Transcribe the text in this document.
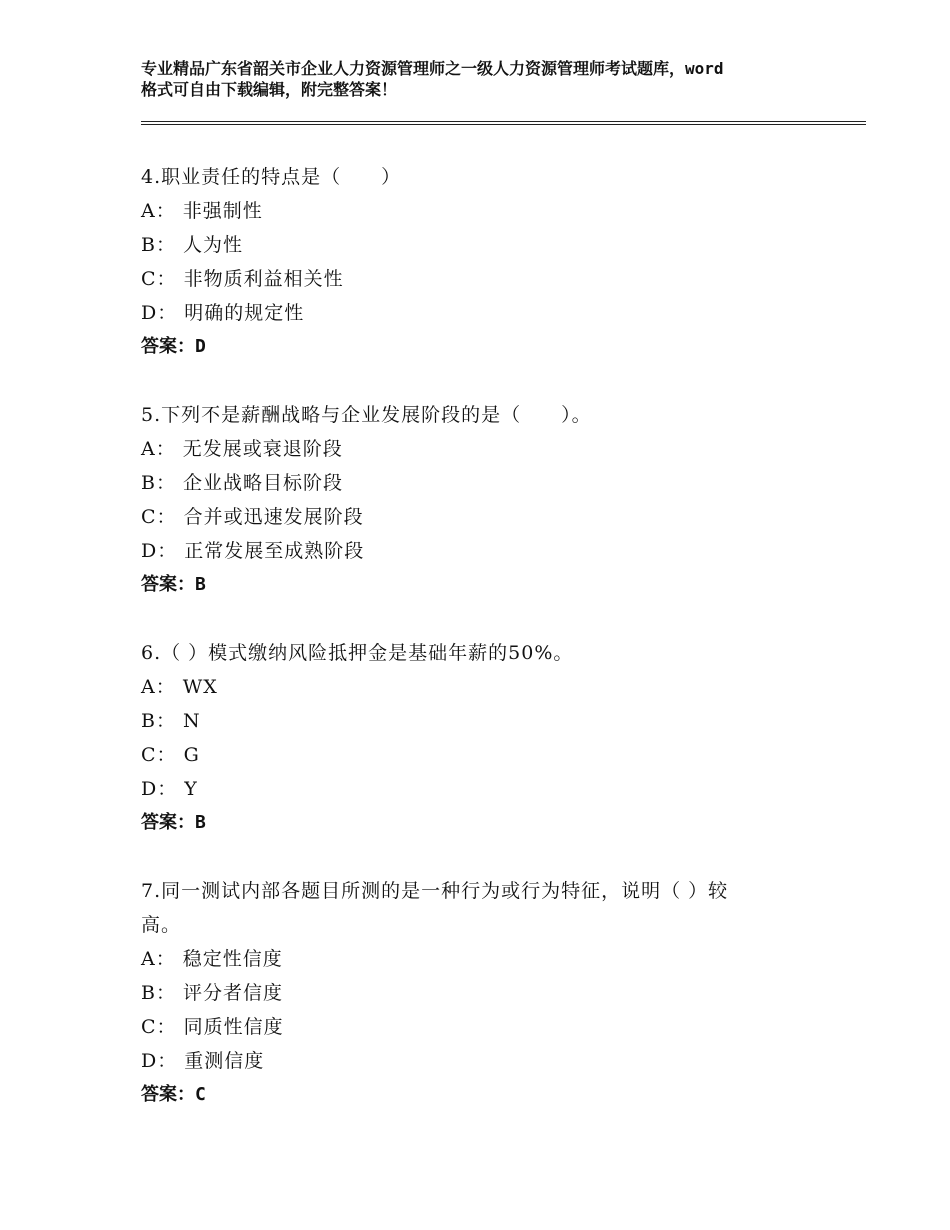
专业精品广东省韶关市企业人力资源管理师之一级人力资源管理师考试题库，word
格式可自由下载编辑，附完整答案！
4.职业责任的特点是（　　）
A： 非强制性
B： 人为性
C： 非物质利益相关性
D： 明确的规定性
答案：D
5.下列不是薪酬战略与企业发展阶段的是（　　）。
A： 无发展或衰退阶段
B： 企业战略目标阶段
C： 合并或迅速发展阶段
D： 正常发展至成熟阶段
答案：B
6.（ ）模式缴纳风险抵押金是基础年薪的50%。
A： WX
B： N
C： G
D： Y
答案：B
7.同一测试内部各题目所测的是一种行为或行为特征，说明（ ）较
高。
A： 稳定性信度
B： 评分者信度
C： 同质性信度
D： 重测信度
答案：C
